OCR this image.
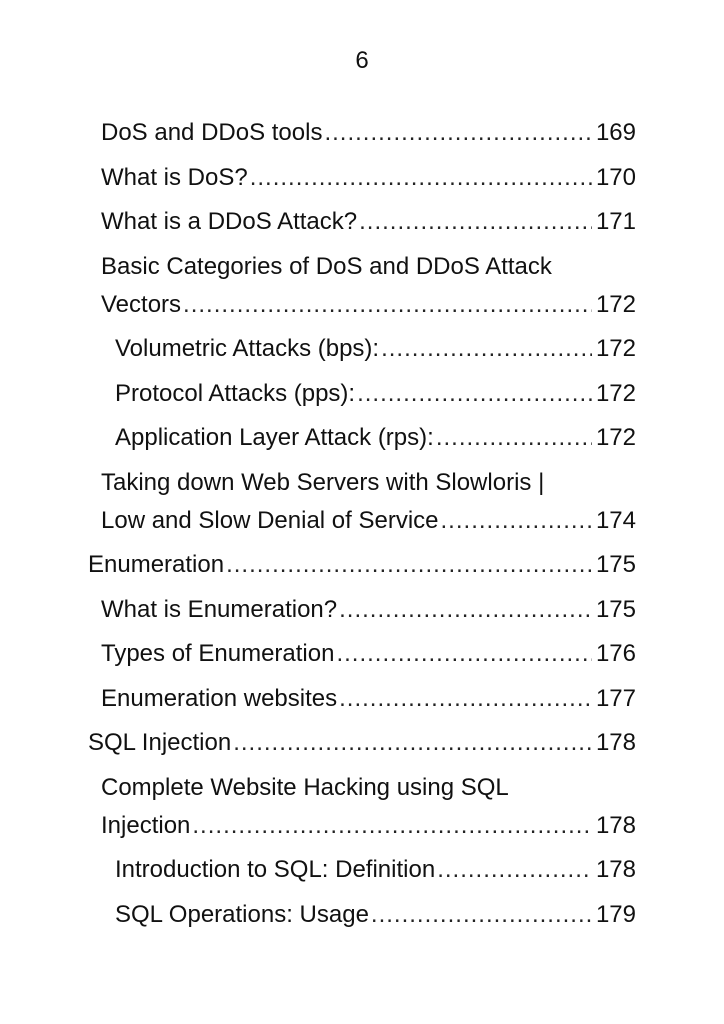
6
DoS and DDoS tools .....	169
What is DoS? .....	170
What is a DDoS Attack? .....	171
Basic Categories of DoS and DDoS Attack
Vectors .....	172
Volumetric Attacks (bps): .....	172
Protocol Attacks (pps): .....	172
Application Layer Attack (rps): .....	172
Taking down Web Servers with Slowloris |
Low and Slow Denial of Service .....	174
Enumeration .....	175
What is Enumeration? .....	175
Types of Enumeration .....	176
Enumeration websites .....	177
SQL Injection .....	178
Complete Website Hacking using SQL
Injection .....	178
Introduction to SQL: Definition .....	178
SQL Operations: Usage .....	179
